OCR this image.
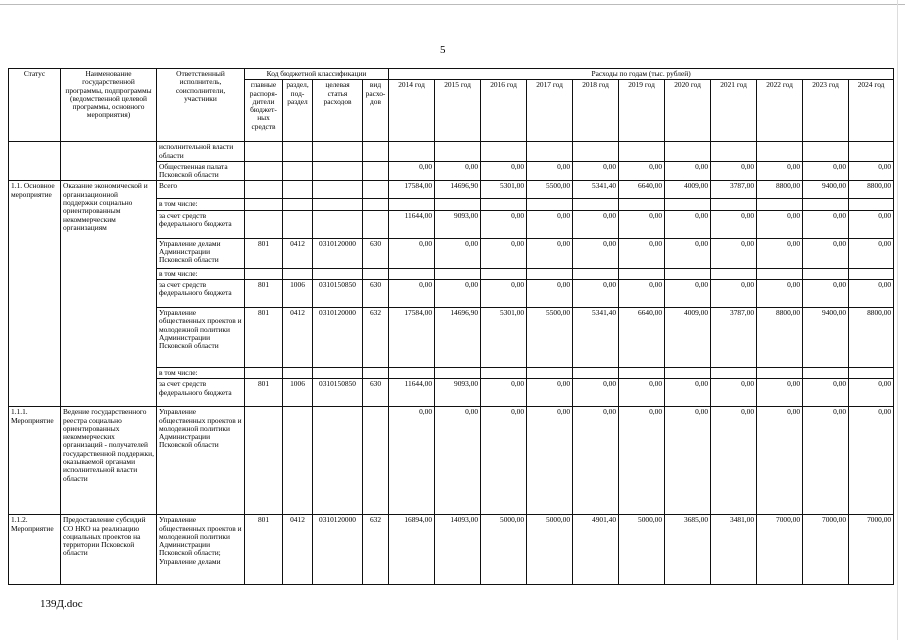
5
Статус	Наименование государственной программы, подпрограммы (ведомственной целевой программы, основного мероприятия)	Ответственный исполнитель, соисполнители, участники	Код бюджетной классификации				Расходы по годам (тыс. рублей)										
			главные распоря-дители бюджет-ных средств	раздел, под-раздел	целевая статья расходов	вид расхо-дов	2014 год	2015 год	2016 год	2017 год	2018 год	2019 год	2020 год	2021 год	2022 год	2023 год	2024 год
		исполнительной власти области															
		Общественная палата Псковской области					0,00	0,00	0,00	0,00	0,00	0,00	0,00	0,00	0,00	0,00	0,00
1.1. Основное мероприятие	Оказание экономической и организационной поддержки социально ориентированным некоммерческим организациям	Всего					17584,00	14696,90	5301,00	5500,00	5341,40	6640,00	4009,00	3787,00	8800,00	9400,00	8800,00
		в том числе:															
		за счет средств федерального бюджета					11644,00	9093,00	0,00	0,00	0,00	0,00	0,00	0,00	0,00	0,00	0,00
		Управление делами Администрации Псковской области	801	0412	0310120000	630	0,00	0,00	0,00	0,00	0,00	0,00	0,00	0,00	0,00	0,00	0,00
		в том числе:															
		за счет средств федерального бюджета	801	1006	0310150850	630	0,00	0,00	0,00	0,00	0,00	0,00	0,00	0,00	0,00	0,00	0,00
		Управление общественных проектов и молодежной политики Администрации Псковской области	801	0412	0310120000	632	17584,00	14696,90	5301,00	5500,00	5341,40	6640,00	4009,00	3787,00	8800,00	9400,00	8800,00
		в том числе:															
		за счет средств федерального бюджета	801	1006	0310150850	630	11644,00	9093,00	0,00	0,00	0,00	0,00	0,00	0,00	0,00	0,00	0,00
1.1.1. Мероприятие	Ведение государственного реестра социально ориентированных некоммерческих организаций - получателей государственной поддержки, оказываемой органами исполнительной власти области	Управление общественных проектов и молодежной политики Администрации Псковской области					0,00	0,00	0,00	0,00	0,00	0,00	0,00	0,00	0,00	0,00	0,00
1.1.2. Мероприятие	Предоставление субсидий СО НКО на реализацию социальных проектов на территории Псковской области	Управление общественных проектов и молодежной политики Администрации Псковской области; Управление делами	801	0412	0310120000	632	16894,00	14093,00	5000,00	5000,00	4901,40	5000,00	3685,00	3481,00	7000,00	7000,00	7000,00
139Д.doc
